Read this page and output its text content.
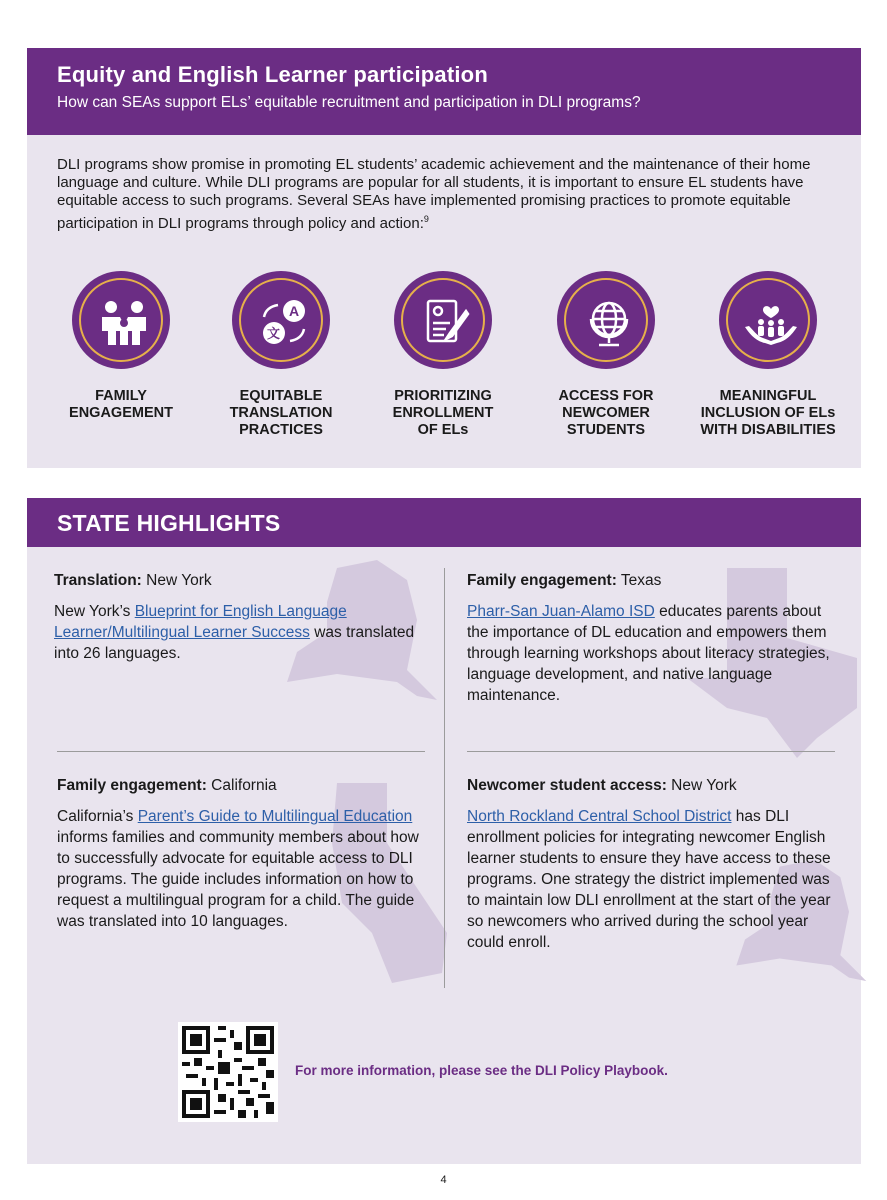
Equity and English Learner participation
How can SEAs support ELs’ equitable recruitment and participation in DLI programs?

DLI programs show promise in promoting EL students’ academic achievement and the maintenance of their home language and culture. While DLI programs are popular for all students, it is important to ensure EL students have equitable access to such programs. Several SEAs have implemented promising practices to promote equitable participation in DLI programs through policy and action:$^9$

A
文
FAMILY
ENGAGEMENT
EQUITABLE
TRANSLATION
PRACTICES
PRIORITIZING
ENROLLMENT
OF ELs
ACCESS FOR
NEWCOMER
STUDENTS
MEANINGFUL
INCLUSION OF ELs
WITH DISABILITIES
STATE HIGHLIGHTS
Translation: New York

New York’s Blueprint for English Language Learner/Multilingual Learner Success was translated into 26 languages.

Family engagement: Texas

Pharr-San Juan-Alamo ISD educates parents about the importance of DL education and empowers them through learning workshops about literacy strategies, language development, and native language maintenance.

Family engagement: California

California’s Parent’s Guide to Multilingual Education informs families and community members about how to successfully advocate for equitable access to DLI programs. The guide includes information on how to request a multilingual program for a child. The guide was translated into 10 languages.

Newcomer student access: New York

North Rockland Central School District has DLI enrollment policies for integrating newcomer English learner students to ensure they have access to these programs. One strategy the district implemented was to maintain low DLI enrollment at the start of the year so newcomers who arrived during the school year could enroll.

For more information, please see the DLI Policy Playbook.
4
